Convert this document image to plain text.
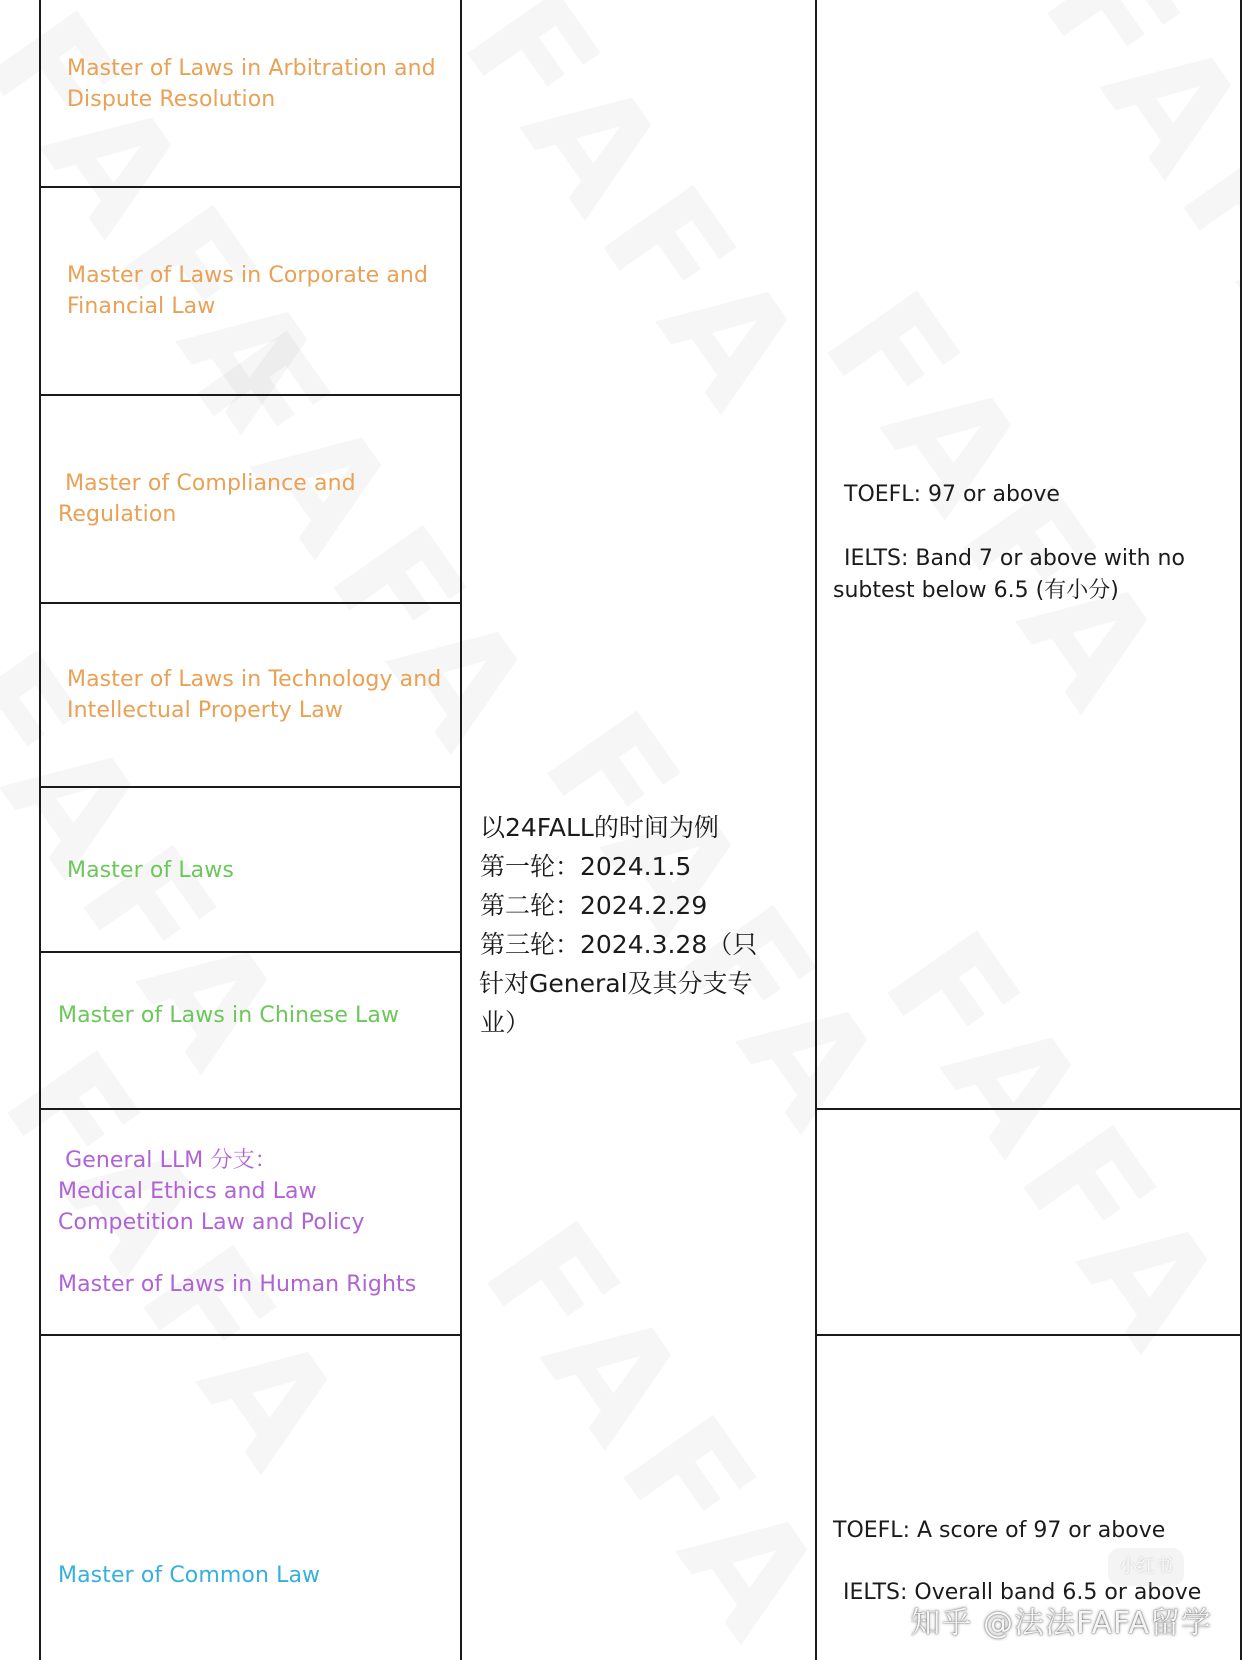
Master of Laws in Arbitration and
Dispute Resolution
Master of Laws in Corporate and
Financial Law
Master of Compliance and
Regulation
Master of Laws in Technology and
Intellectual Property Law
Master of Laws
Master of Laws in Chinese Law
General LLM 分支：
Medical Ethics and Law
Competition Law and Policy

Master of Laws in Human Rights
Master of Common Law
以24FALL的时间为例
第一轮：2024.1.5
第二轮：2024.2.29
第三轮：2024.3.28（只
针对General及其分支专
业）
TOEFL: 97 or above
IELTS: Band 7 or above with no
subtest below 6.5 (有小分)
TOEFL: A score of 97 or above
IELTS: Overall band 6.5 or above
小红书
知乎 @法法FAFA留学
